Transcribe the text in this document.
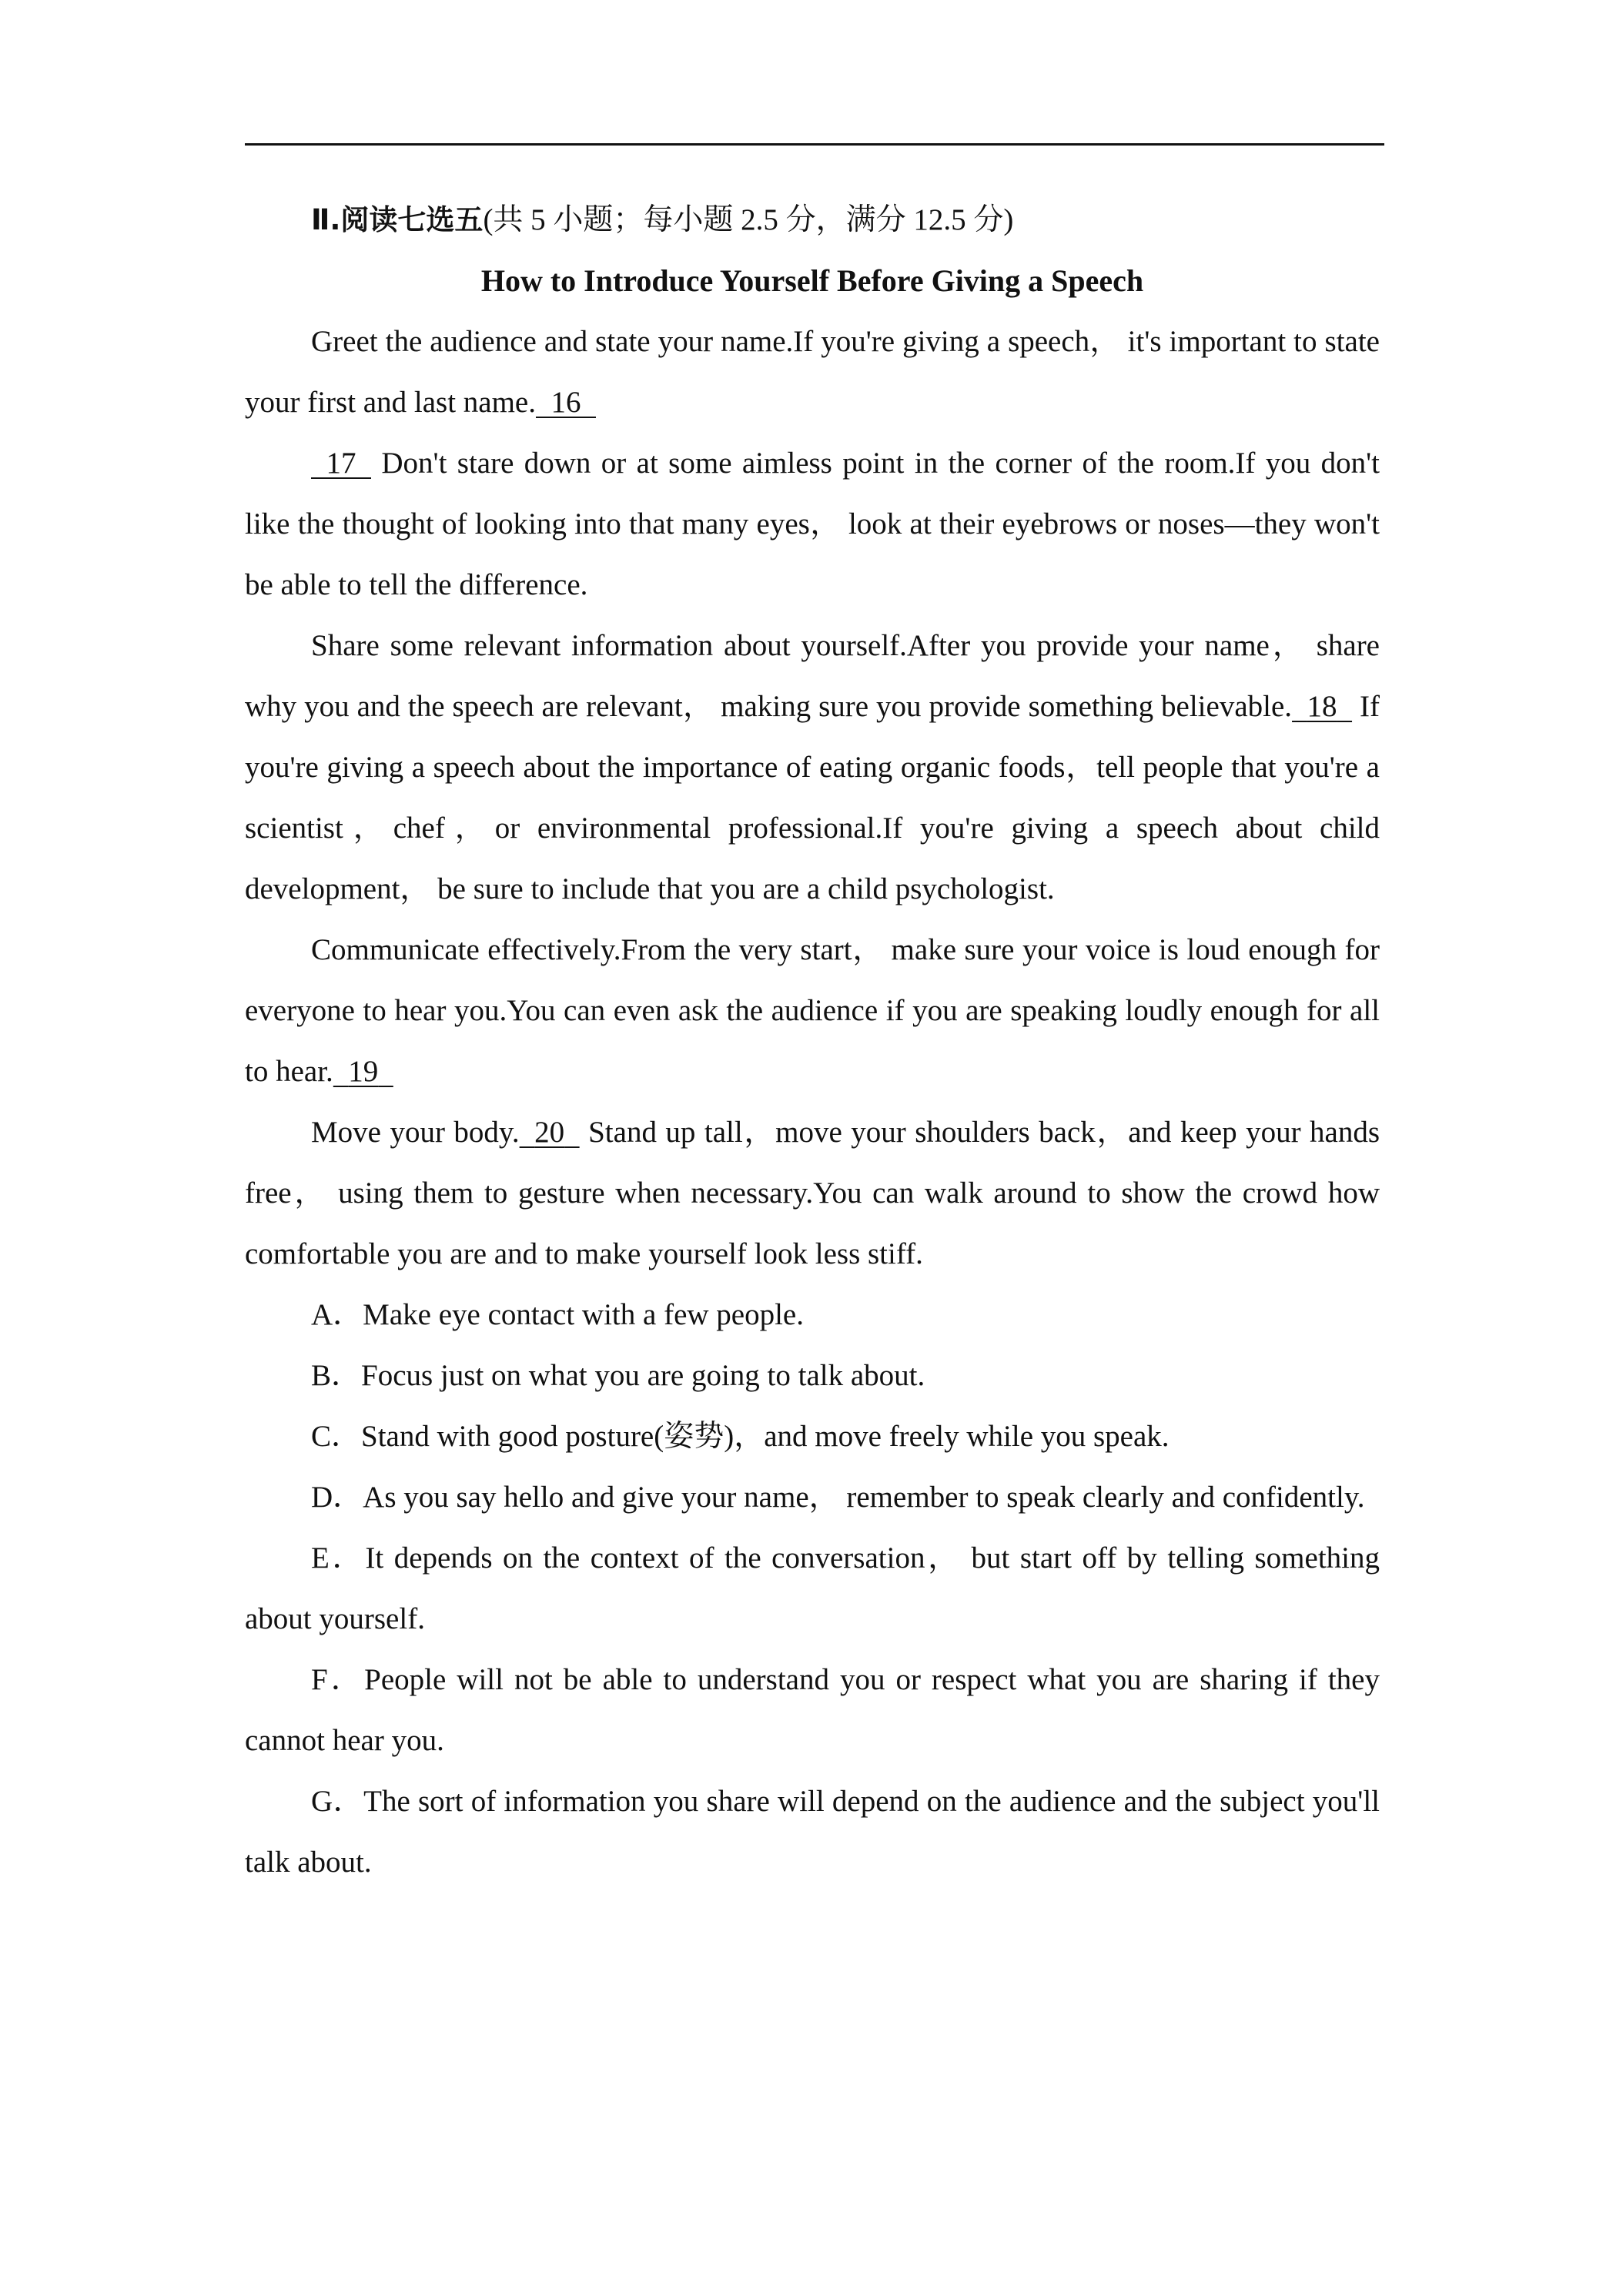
Ⅱ.阅读七选五(共 5 小题；每小题 2.5 分，满分 12.5 分)

How to Introduce Yourself Before Giving a Speech

Greet the audience and state your name.If you're giving a speech， it's important to state your first and last name. 16

17   Don't stare down or at some aimless point in the corner of the room.If you don't like the thought of looking into that many eyes， look at their eyebrows or noses—they won't be able to tell the difference.

Share some relevant information about yourself.After you provide your name， share why you and the speech are relevant， making sure you provide something believable. 18   If you're giving a speech about the importance of eating organic foods，tell people that you're a scientist，chef，or environmental professional.If you're giving a speech about child development， be sure to include that you are a child psychologist.

Communicate effectively.From the very start， make sure your voice is loud enough for everyone to hear you.You can even ask the audience if you are speaking loudly enough for all to hear. 19

Move your body. 20   Stand up tall，move your shoulders back，and keep your hands free， using them to gesture when necessary.You can walk around to show the crowd how comfortable you are and to make yourself look less stiff.

A．Make eye contact with a few people.

B．Focus just on what you are going to talk about.

C．Stand with good posture(姿势)，and move freely while you speak.

D．As you say hello and give your name， remember to speak clearly and confidently.

E．It depends on the context of the conversation， but start off by telling something about yourself.

F．People will not be able to understand you or respect what you are sharing if they cannot hear you.

G．The sort of information you share will depend on the audience and the subject you'll talk about.
